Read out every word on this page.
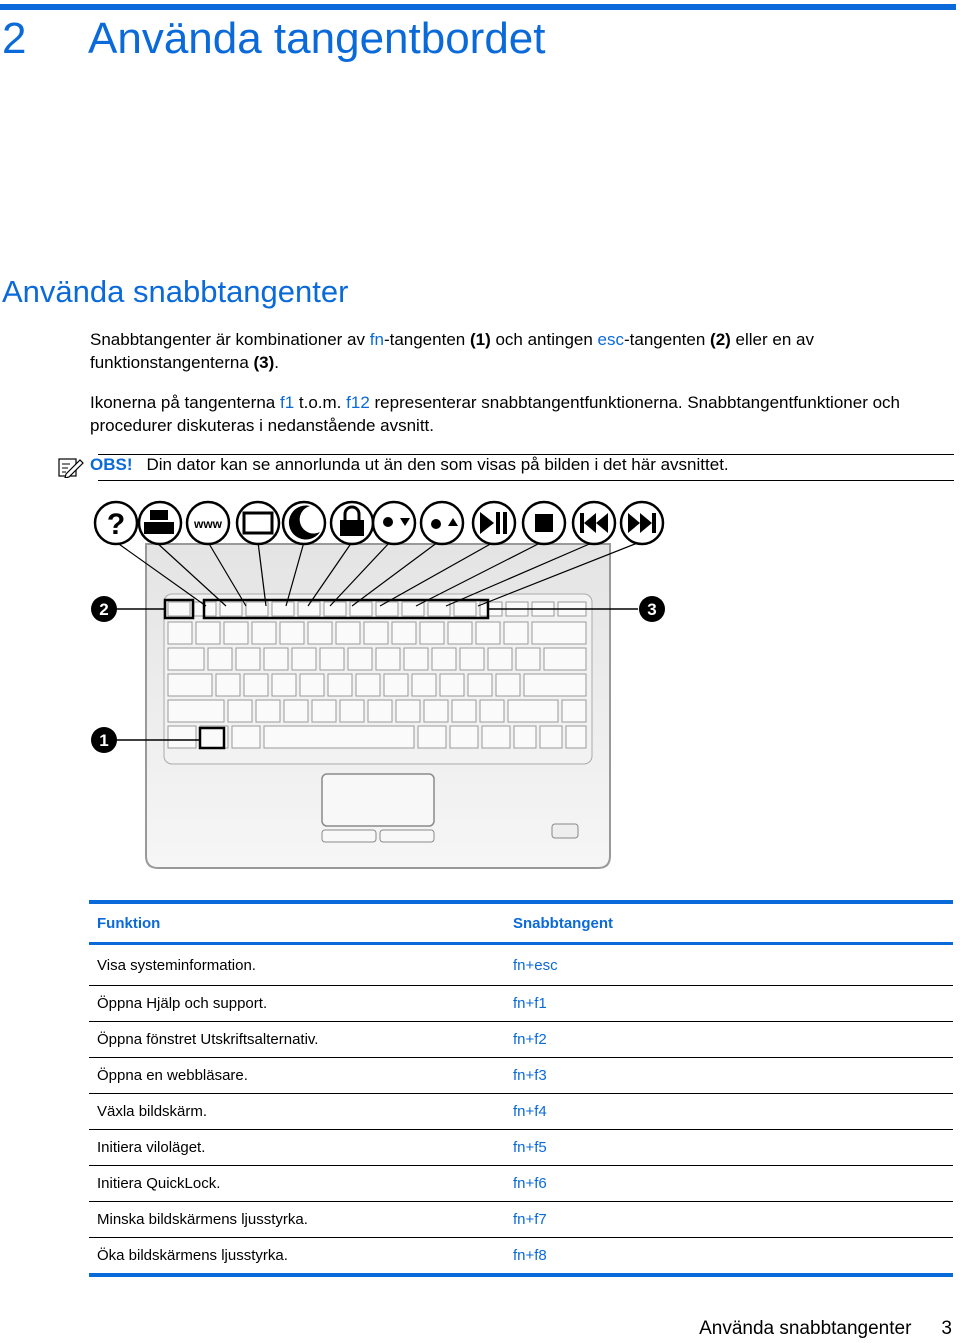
2 Använda tangentbordet
Använda snabbtangenter
Snabbtangenter är kombinationer av fn-tangenten (1) och antingen esc-tangenten (2) eller en av funktionstangenterna (3).
Ikonerna på tangenterna f1 t.o.m. f12 representerar snabbtangentfunktionerna. Snabbtangentfunktioner och procedurer diskuteras i nedanstående avsnitt.
OBS! Din dator kan se annorlunda ut än den som visas på bilden i det här avsnittet.
?	www
2	3
1
Funktion	Snabbtangent
Visa systeminformation.	fn+esc
Öppna Hjälp och support.	fn+f1
Öppna fönstret Utskriftsalternativ.	fn+f2
Öppna en webbläsare.	fn+f3
Växla bildskärm.	fn+f4
Initiera viloläget.	fn+f5
Initiera QuickLock.	fn+f6
Minska bildskärmens ljusstyrka.	fn+f7
Öka bildskärmens ljusstyrka.	fn+f8
Använda snabbtangenter 3
